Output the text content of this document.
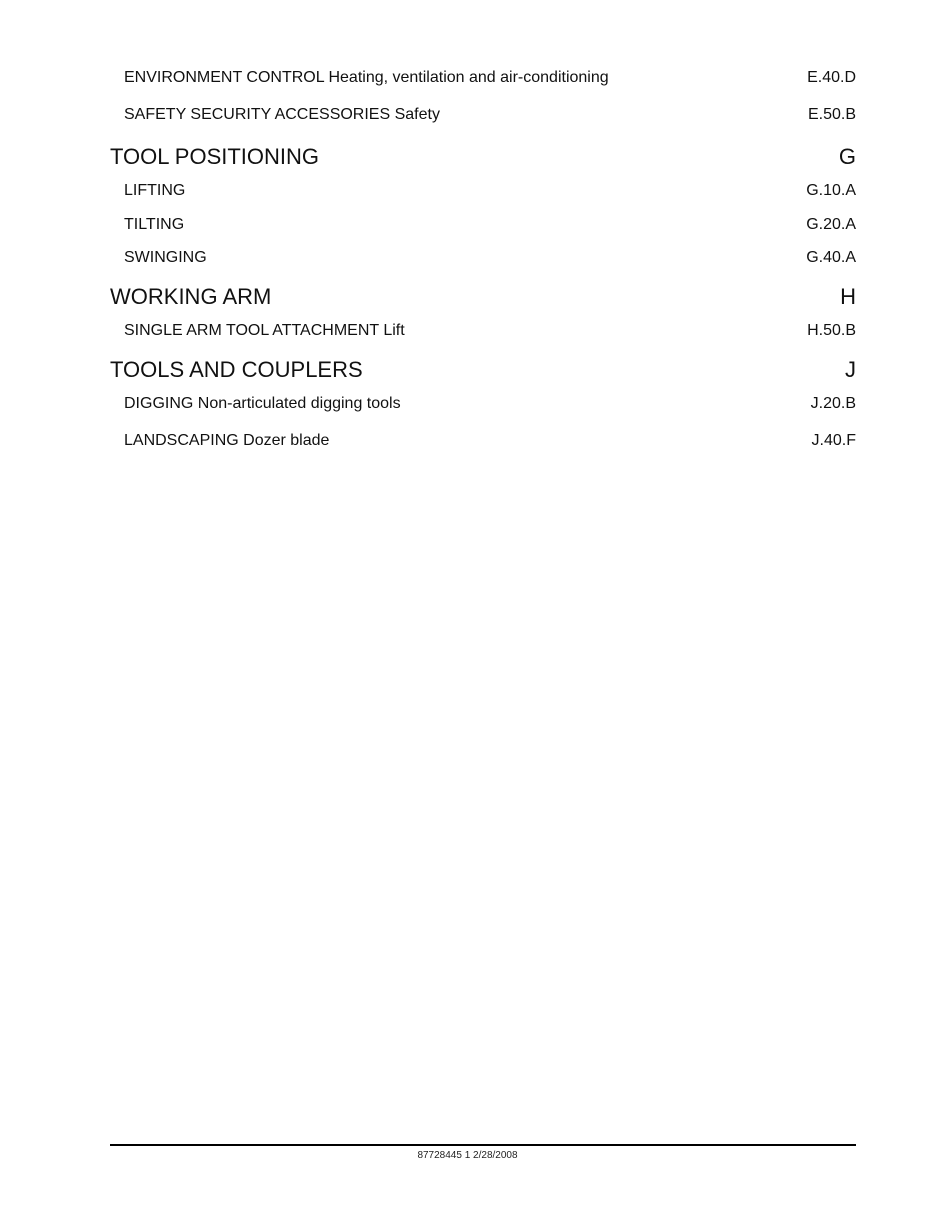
ENVIRONMENT CONTROL Heating, ventilation and air-conditioning	E.40.D
SAFETY SECURITY ACCESSORIES Safety	E.50.B
TOOL POSITIONING	G
LIFTING	G.10.A
TILTING	G.20.A
SWINGING	G.40.A
WORKING ARM	H
SINGLE ARM TOOL ATTACHMENT Lift	H.50.B
TOOLS AND COUPLERS	J
DIGGING Non-articulated digging tools	J.20.B
LANDSCAPING Dozer blade	J.40.F
87728445 1 2/28/2008
